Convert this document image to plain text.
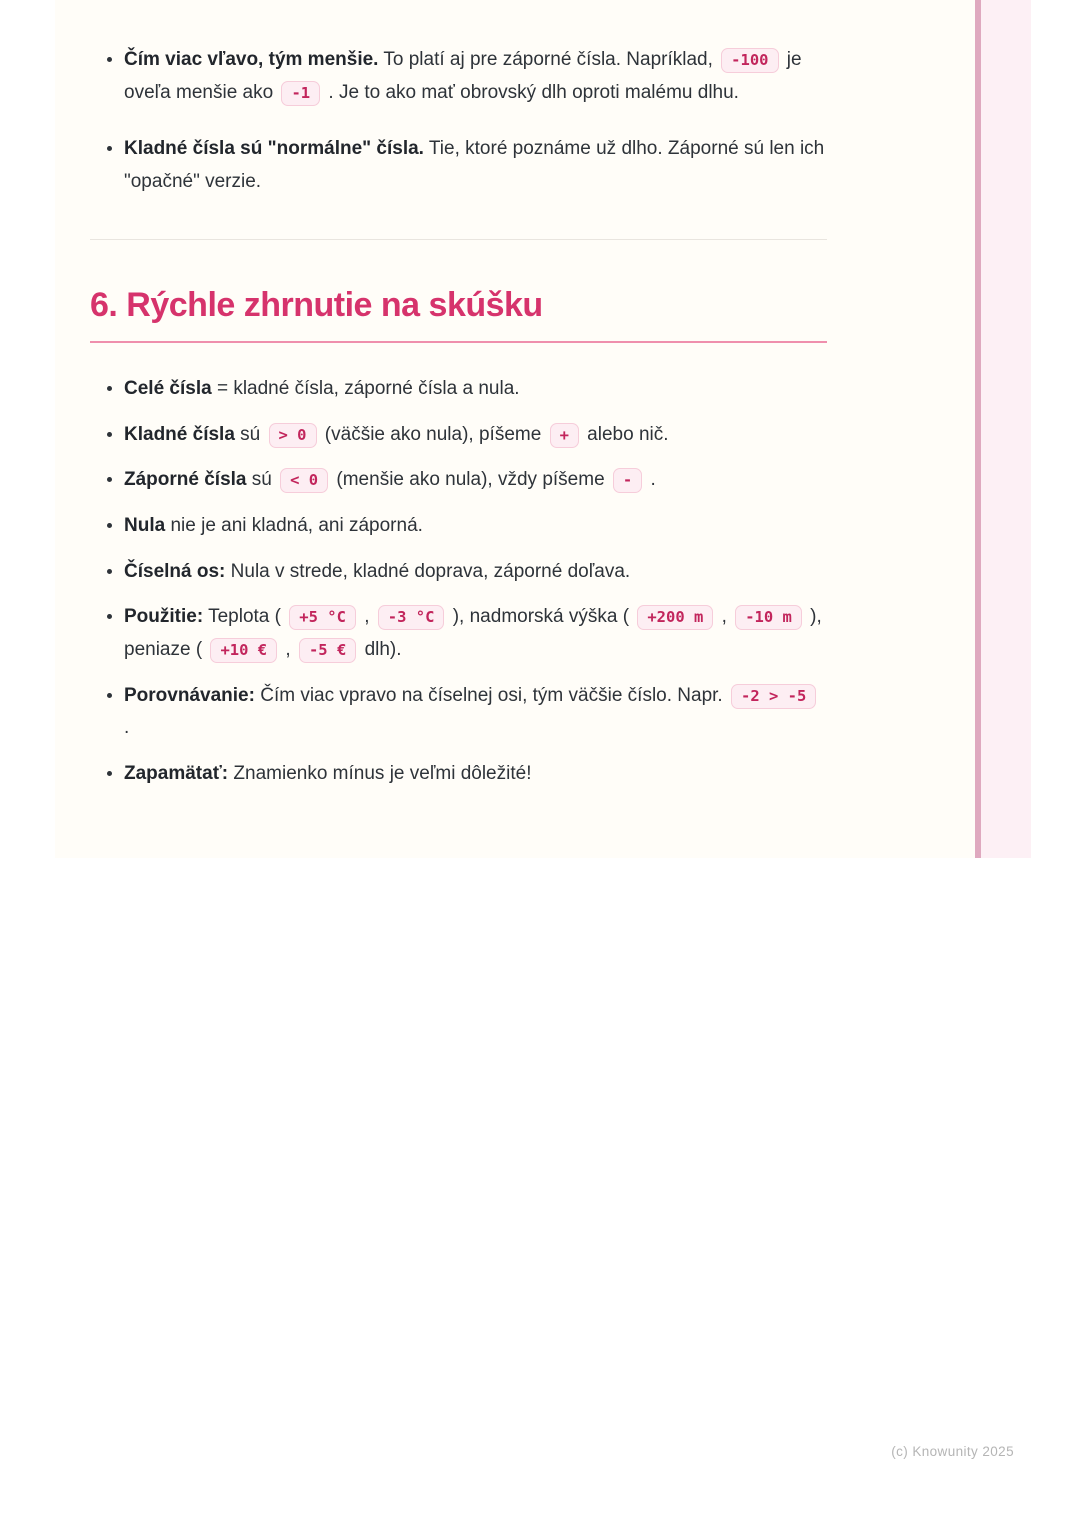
• Čím viac vľavo, tým menšie. To platí aj pre záporné čísla. Napríklad, -100 je oveľa menšie ako -1 . Je to ako mať obrovský dlh oproti malému dlhu.
• Kladné čísla sú "normálne" čísla. Tie, ktoré poznáme už dlho. Záporné sú len ich "opačné" verzie.
6. Rýchle zhrnutie na skúšku
• Celé čísla = kladné čísla, záporné čísla a nula.
• Kladné čísla sú > 0 (väčšie ako nula), píšeme + alebo nič.
• Záporné čísla sú < 0 (menšie ako nula), vždy píšeme - .
• Nula nie je ani kladná, ani záporná.
• Číselná os: Nula v strede, kladné doprava, záporné doľava.
• Použitie: Teplota ( +5 °C , -3 °C ), nadmorská výška ( +200 m , -10 m ), peniaze ( +10 € , -5 € dlh).
• Porovnávanie: Čím viac vpravo na číselnej osi, tým väčšie číslo. Napr. -2 > -5 .
• Zapamätať: Znamienko mínus je veľmi dôležité!
(c) Knowunity 2025
